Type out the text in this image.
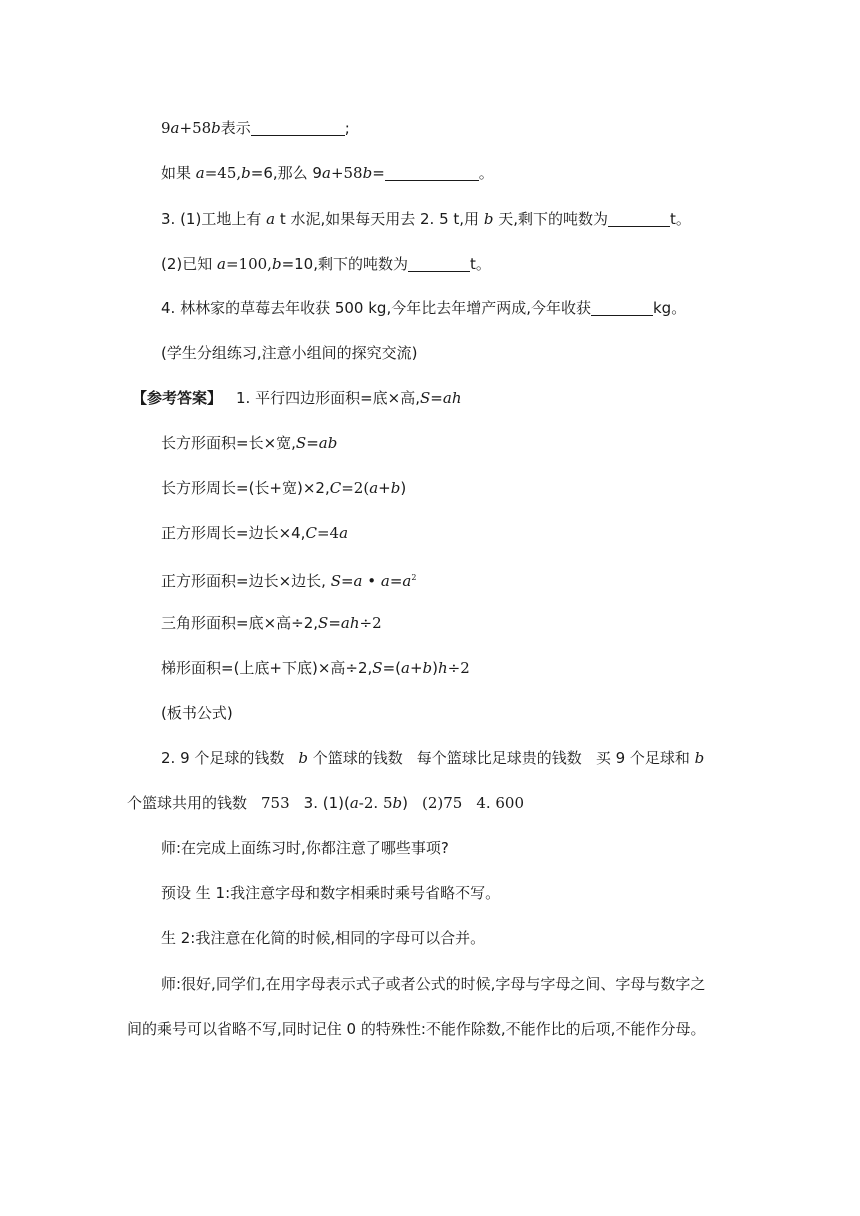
9a+58b表示	;
如果 a=45,b=6,那么 9a+58b=	。
3. (1)工地上有 a t 水泥,如果每天用去 2. 5 t,用 b 天,剩下的吨数为	t。
(2)已知 a=100,b=10,剩下的吨数为	t。
4. 林林家的草莓去年收获 500 kg,今年比去年增产两成,今年收获	kg。
(学生分组练习,注意小组间的探究交流)
【参考答案】 1. 平行四边形面积=底×高,S=ah
长方形面积=长×宽,S=ab
长方形周长=(长+宽)×2,C=2(a+b)
正方形周长=边长×4,C=4a
正方形面积=边长×边长, S=a • $a=a^2$
三角形面积=底×高÷2,S=ah÷2
梯形面积=(上底+下底)×高÷2,S=(a+b)h÷2
(板书公式)
2. 9 个足球的钱数 b 个篮球的钱数 每个篮球比足球贵的钱数 买 9 个足球和 b
个篮球共用的钱数 753 3. (1)(a-2. 5b) (2)75 4. 600
师:在完成上面练习时,你都注意了哪些事项?
预设 生 1:我注意字母和数字相乘时乘号省略不写。
生 2:我注意在化简的时候,相同的字母可以合并。
师:很好,同学们,在用字母表示式子或者公式的时候,字母与字母之间、字母与数字之
间的乘号可以省略不写,同时记住 0 的特殊性:不能作除数,不能作比的后项,不能作分母。
